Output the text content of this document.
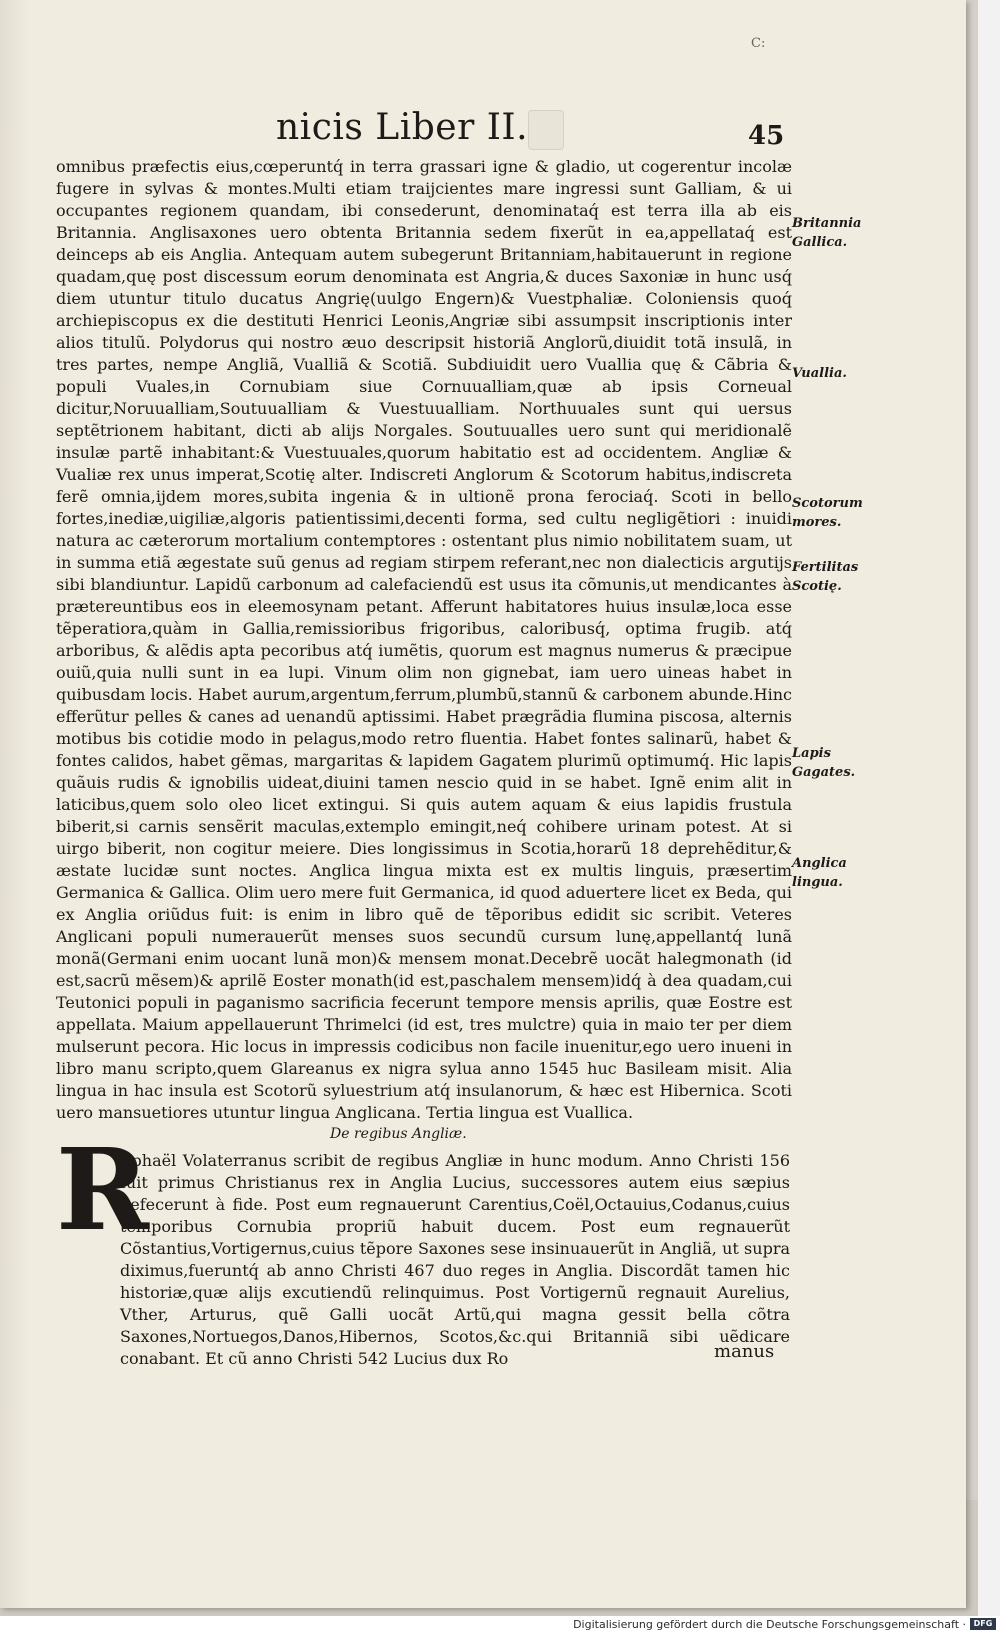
C:
nicis Liber II.	45
omnibus præfectis eius,cœperuntq́ in terra grassari igne & gladio, ut cogerentur incolæ fugere in sylvas & montes.Multi etiam traijcientes mare ingressi sunt Galliam, & ui occupantes regionem quandam, ibi consederunt, denominataq́ est terra illa ab eis Britannia. Anglisaxones uero obtenta Britannia sedem fixerũt in ea,appellataq́ est deinceps ab eis Anglia. Antequam autem subegerunt Britanniam,habitauerunt in regione quadam,quę post discessum eorum denominata est Angria,& duces Saxoniæ in hunc usq́ diem utuntur titulo ducatus Angrię(uulgo Engern)& Vuestphaliæ. Coloniensis quoq́ archiepiscopus ex die destituti Henrici Leonis,Angriæ sibi assumpsit inscriptionis inter alios titulũ. Polydorus qui nostro æuo descripsit historiã Anglorũ,diuidit totã insulã, in tres partes, nempe Angliã, Vualliã & Scotiã. Subdiuidit uero Vuallia quę & Cãbria & populi Vuales,in Cornubiam siue Cornuualliam,quæ ab ipsis Corneual dicitur,Noruualliam,Soutuualliam & Vuestuualliam. Northuuales sunt qui uersus septẽtrionem habitant, dicti ab alijs Norgales. Soutuualles uero sunt qui meridionalẽ insulæ partẽ inhabitant:& Vuestuuales,quorum habitatio est ad occidentem. Angliæ & Vualiæ rex unus imperat,Scotię alter. Indiscreti Anglorum & Scotorum habitus,indiscreta ferẽ omnia,ijdem mores,subita ingenia & in ultionẽ prona ferociaq́. Scoti in bello fortes,inediæ,uigiliæ,algoris patientissimi,decenti forma, sed cultu negligẽtiori : inuidi natura ac cæterorum mortalium contemptores : ostentant plus nimio nobilitatem suam, ut in summa etiã ægestate suũ genus ad regiam stirpem referant,nec non dialecticis argutijs sibi blandiuntur. Lapidũ carbonum ad calefaciendũ est usus ita cõmunis,ut mendicantes à prætereuntibus eos in eleemosynam petant. Afferunt habitatores huius insulæ,loca esse tẽperatiora,quàm in Gallia,remissioribus frigoribus, caloribusq́, optima frugib. atq́ arboribus, & alẽdis apta pecoribus atq́ iumẽtis, quorum est magnus numerus & præcipue ouiũ,quia nulli sunt in ea lupi. Vinum olim non gignebat, iam uero uineas habet in quibusdam locis. Habet aurum,argentum,ferrum,plumbũ,stannũ & carbonem abunde.Hinc efferũtur pelles & canes ad uenandũ aptissimi. Habet prægrãdia flumina piscosa, alternis motibus bis cotidie modo in pelagus,modo retro fluentia. Habet fontes salinarũ, habet & fontes calidos, habet gẽmas, margaritas & lapidem Gagatem plurimũ optimumq́. Hic lapis quãuis rudis & ignobilis uideat,diuini tamen nescio quid in se habet. Ignẽ enim alit in laticibus,quem solo oleo licet extingui. Si quis autem aquam & eius lapidis frustula biberit,si carnis sensẽrit maculas,extemplo emingit,neq́ cohibere urinam potest. At si uirgo biberit, non cogitur meiere. Dies longissimus in Scotia,horarũ 18 deprehẽditur,& æstate lucidæ sunt noctes. Anglica lingua mixta est ex multis linguis, præsertim Germanica & Gallica. Olim uero mere fuit Germanica, id quod aduertere licet ex Beda, qui ex Anglia oriũdus fuit: is enim in libro quẽ de tẽporibus edidit sic scribit. Veteres Anglicani populi numerauerũt menses suos secundũ cursum lunę,appellantq́ lunã monã(Germani enim uocant lunã mon)& mensem monat.Decebrẽ uocãt halegmonath (id est,sacrũ mẽsem)& aprilẽ Eoster monath(id est,paschalem mensem)idq́ à dea quadam,cui Teutonici populi in paganismo sacrificia fecerunt tempore mensis aprilis, quæ Eostre est appellata. Maium appellauerunt Thrimelci (id est, tres mulctre) quia in maio ter per diem mulserunt pecora. Hic locus in impressis codicibus non facile inuenitur,ego uero inueni in libro manu scripto,quem Glareanus ex nigra sylua anno 1545 huc Basileam misit. Alia lingua in hac insula est Scotorũ syluestrium atq́ insulanorum, & hæc est Hibernica. Scoti uero mansuetiores utuntur lingua Anglicana. Tertia lingua est Vuallica.
Britannia Gallica.
Vuallia.
Scotorum mores.
Fertilitas Scotię.
Lapis Gagates.
Anglica lingua.
De regibus Angliæ.
R
Aphaël Volaterranus scribit de regibus Angliæ in hunc modum. Anno Christi 156 fuit primus Christianus rex in Anglia Lucius, successores autem eius sæpius defecerunt à fide. Post eum regnauerunt Carentius,Coël,Octauius,Codanus,cuius temporibus Cornubia propriũ habuit ducem. Post eum regnauerũt Cõstantius,Vortigernus,cuius tẽpore Saxones sese insinuauerũt in Angliã, ut supra diximus,fueruntq́ ab anno Christi 467 duo reges in Anglia. Discordãt tamen hic historiæ,quæ alijs excutiendũ relinquimus. Post Vortigernũ regnauit Aurelius, Vther, Arturus, quẽ Galli uocãt Artũ,qui magna gessit bella cõtra Saxones,Nortuegos,Danos,Hibernos, Scotos,&c.qui Britanniã sibi uẽdicare conabant. Et cũ anno Christi 542 Lucius dux Ro	manus
Digitalisierung gefördert durch die Deutsche Forschungsgemeinschaft · DFG
